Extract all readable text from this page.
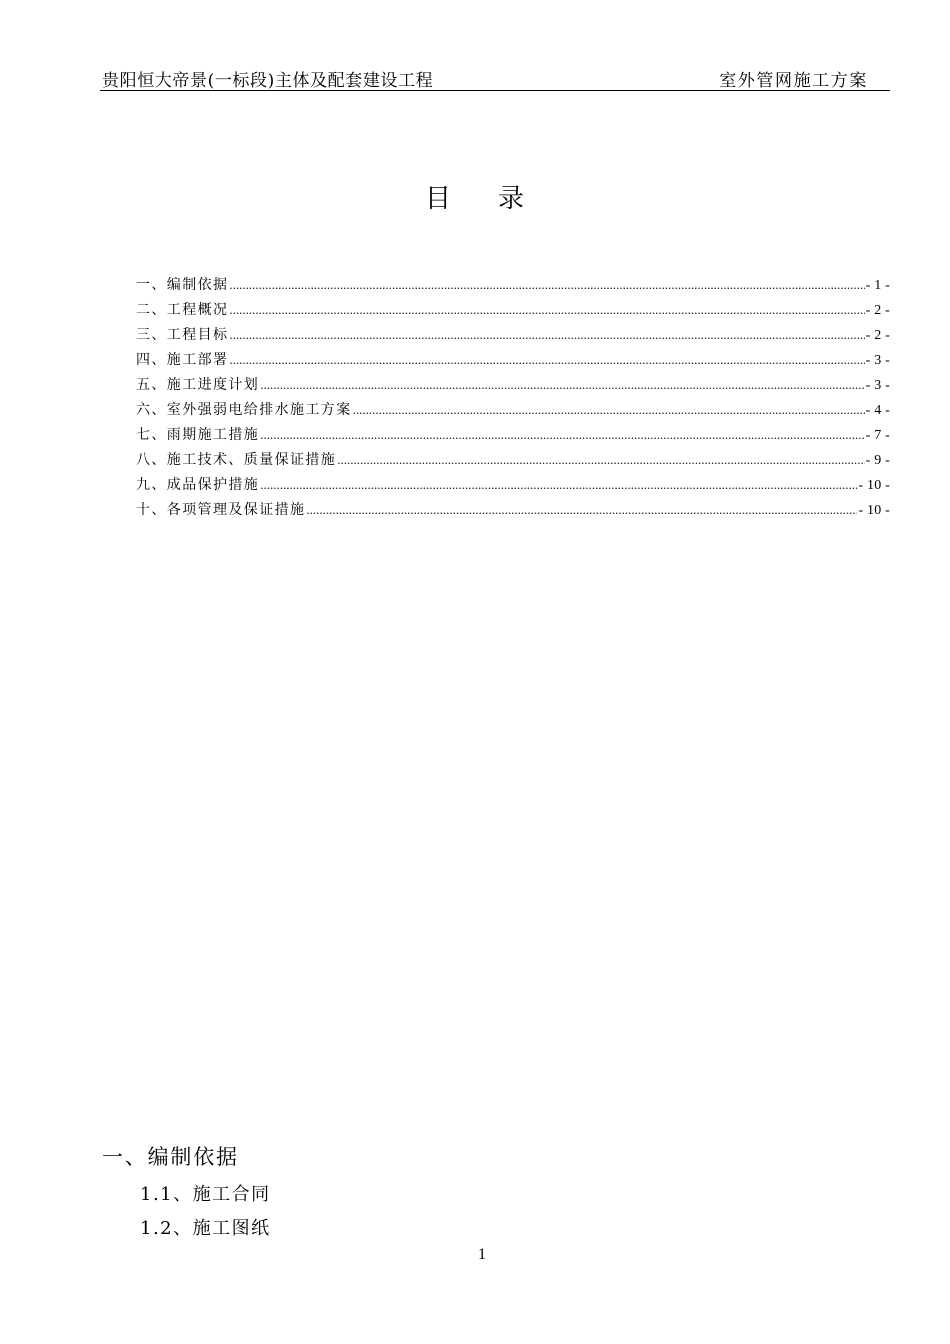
贵阳恒大帝景(一标段)主体及配套建设工程	室外管网施工方案
目 录
一、编制依据 .....	- 1 -
二、工程概况 .....	- 2 -
三、工程目标 .....	- 2 -
四、施工部署 .....	- 3 -
五、施工进度计划 .....	- 3 -
六、室外强弱电给排水施工方案 .....	- 4 -
七、雨期施工措施 .....	- 7 -
八、施工技术、质量保证措施 .....	- 9 -
九、成品保护措施 .....	- 10 -
十、各项管理及保证措施 .....	- 10 -
一、编制依据
1.1、施工合同
1.2、施工图纸
1
